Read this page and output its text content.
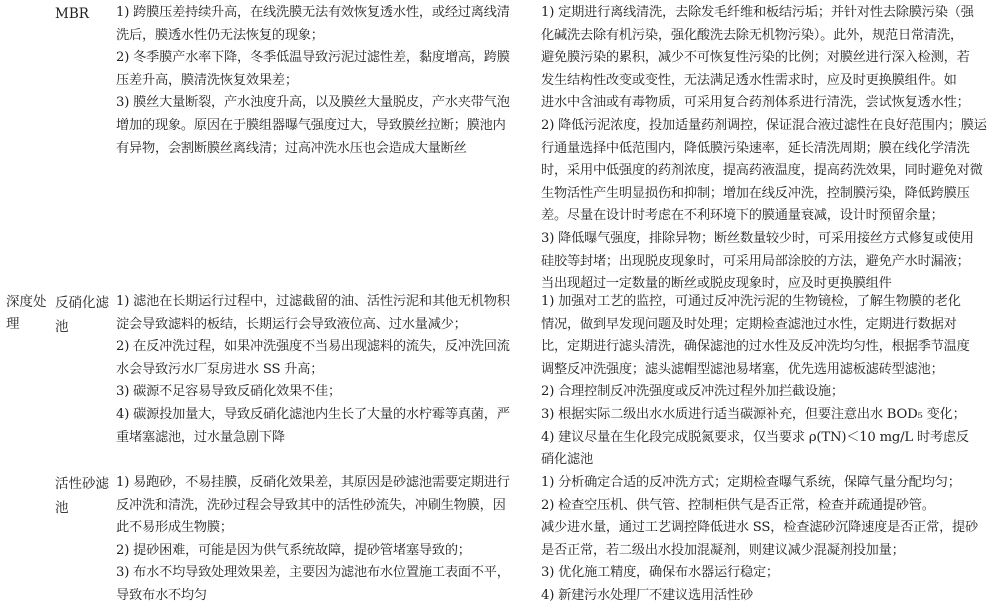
MBR	1) 跨膜压差持续升高，在线洗膜无法有效恢复透水性，或经过离线清
洗后，膜透水性仍无法恢复的现象；
2) 冬季膜产水率下降，冬季低温导致污泥过滤性差，黏度增高，跨膜
压差升高，膜清洗恢复效果差；
3) 膜丝大量断裂，产水浊度升高，以及膜丝大量脱皮，产水夹带气泡
增加的现象。原因在于膜组器曝气强度过大，导致膜丝拉断；膜池内
有异物，会割断膜丝离线清；过高冲洗水压也会造成大量断丝
1) 定期进行离线清洗，去除发毛纤维和板结污垢；并针对性去除膜污染（强
化碱洗去除有机污染，强化酸洗去除无机物污染）。此外，规范日常清洗，
避免膜污染的累积，减少不可恢复性污染的比例；对膜丝进行深入检测，若
发生结构性改变或变性，无法满足透水性需求时，应及时更换膜组件。如
进水中含油或有毒物质，可采用复合药剂体系进行清洗，尝试恢复透水性；
2) 降低污泥浓度，投加适量药剂调控，保证混合液过滤性在良好范围内；膜运
行通量选择中低范围内，降低膜污染速率，延长清洗周期；膜在线化学清洗
时，采用中低强度的药剂浓度，提高药液温度，提高药洗效果，同时避免对微
生物活性产生明显损伤和抑制；增加在线反冲洗，控制膜污染，降低跨膜压
差。尽量在设计时考虑在不利环境下的膜通量衰减，设计时预留余量；
3) 降低曝气强度，排除异物；断丝数量较少时，可采用接丝方式修复或使用
硅胶等封堵；出现脱皮现象时，可采用局部涂胶的方法，避免产水时漏液；
当出现超过一定数量的断丝或脱皮现象时，应及时更换膜组件
深度处
理
反硝化滤
池
1) 滤池在长期运行过程中，过滤截留的油、活性污泥和其他无机物积
淀会导致滤料的板结，长期运行会导致液位高、过水量减少；
2) 在反冲洗过程，如果冲洗强度不当易出现滤料的流失，反冲洗回流
水会导致污水厂泵房进水 SS 升高；
3) 碳源不足容易导致反硝化效果不佳；
4) 碳源投加量大，导致反硝化滤池内生长了大量的水柠霉等真菌，严
重堵塞滤池，过水量急剧下降
1) 加强对工艺的监控，可通过反冲洗污泥的生物镜检，了解生物膜的老化
情况，做到早发现问题及时处理；定期检查滤池过水性，定期进行数据对
比，定期进行滤头清洗，确保滤池的过水性及反冲洗均匀性，根据季节温度
调整反冲洗强度；滤头滤帽型滤池易堵塞，优先选用滤板滤砖型滤池；
2) 合理控制反冲洗强度或反冲洗过程外加拦截设施；
3) 根据实际二级出水水质进行适当碳源补充，但要注意出水 BOD₅ 变化；
4) 建议尽量在生化段完成脱氮要求，仅当要求 ρ(TN)＜10 mg/L 时考虑反
硝化滤池
活性砂滤
池
1) 易跑砂，不易挂膜，反硝化效果差，其原因是砂滤池需要定期进行
反冲洗和清洗，洗砂过程会导致其中的活性砂流失，冲刷生物膜，因
此不易形成生物膜；
2) 提砂困难，可能是因为供气系统故障，提砂管堵塞导致的；
3) 布水不均导致处理效果差，主要因为滤池布水位置施工表面不平，
导致布水不均匀
1) 分析确定合适的反冲洗方式；定期检查曝气系统，保障气量分配均匀；
2) 检查空压机、供气管、控制柜供气是否正常，检查并疏通提砂管。
减少进水量，通过工艺调控降低进水 SS，检查滤砂沉降速度是否正常，提砂
是否正常，若二级出水投加混凝剂，则建议减少混凝剂投加量；
3) 优化施工精度，确保布水器运行稳定；
4) 新建污水处理厂不建议选用活性砂
